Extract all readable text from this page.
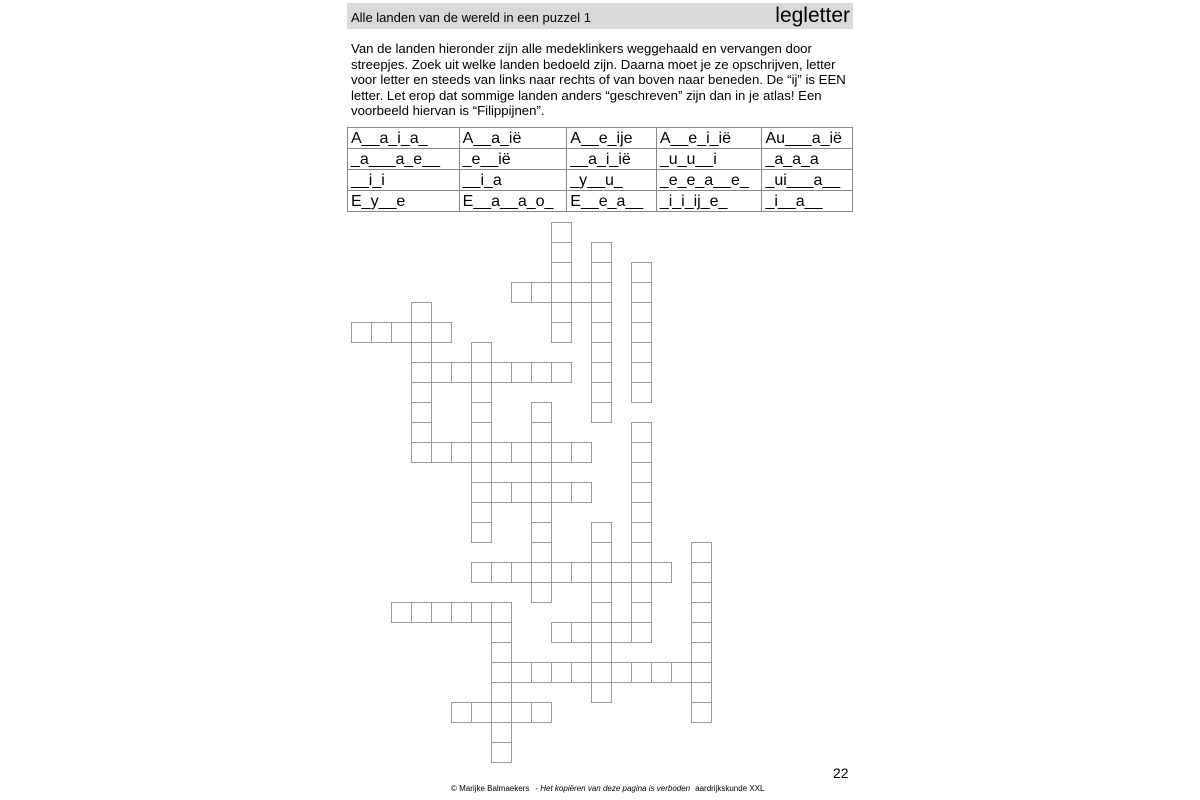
Alle landen van de wereld in een puzzel 1	legletter

Van de landen hieronder zijn alle medeklinkers weggehaald en vervangen door streepjes. Zoek uit welke landen bedoeld zijn. Daarna moet je ze opschrijven, letter voor letter en steeds van links naar rechts of van boven naar beneden. De “ij” is EEN letter. Let erop dat sommige landen anders “geschreven” zijn dan in je atlas! Een voorbeeld hiervan is “Filippijnen”.

A__a_i_a_	A__a_ië	A__e_ije	A__e_i_ië	Au___a_ië
_a___a_e__	_e__ië	__a_i_ië	_u_u__i	_a_a_a
__i_i	__i_a	_y__u_	_e_e_a__e_	_ui___a__
E_y__e	E__a__a_o_	E__e_a__	_i_i_ij_e_	_i__a__
22
© Marijke Balmaekers - Het kopiëren van deze pagina is verboden aardrijkskunde XXL
